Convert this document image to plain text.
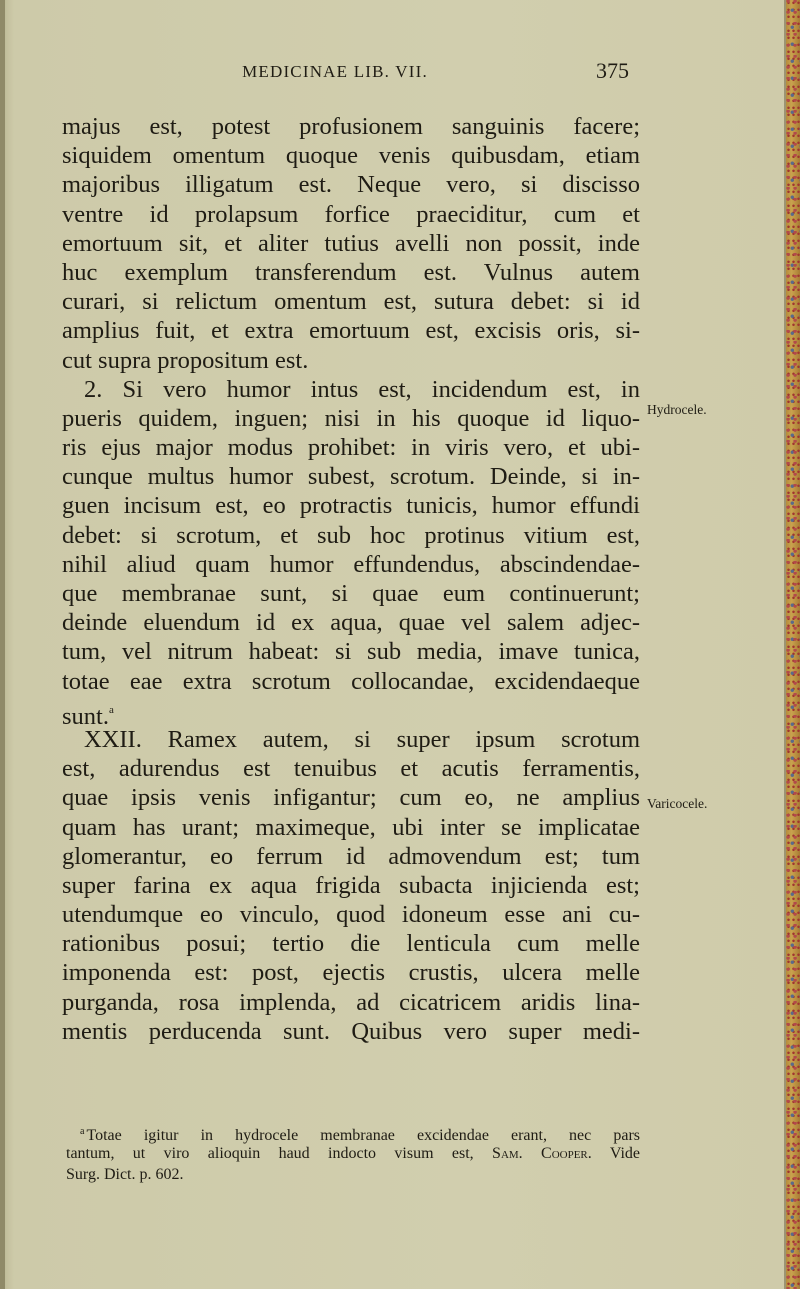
MEDICINAE LIB. VII.	375
majus est, potest profusionem sanguinis facere;
siquidem omentum quoque venis quibusdam, etiam
majoribus illigatum est. Neque vero, si discisso
ventre id prolapsum forfice praeciditur, cum et
emortuum sit, et aliter tutius avelli non possit, inde
huc exemplum transferendum est. Vulnus autem
curari, si relictum omentum est, sutura debet: si id
amplius fuit, et extra emortuum est, excisis oris, si-
cut supra propositum est.
2. Si vero humor intus est, incidendum est, in
pueris quidem, inguen; nisi in his quoque id liquo-
ris ejus major modus prohibet: in viris vero, et ubi-
cunque multus humor subest, scrotum. Deinde, si in-
guen incisum est, eo protractis tunicis, humor effundi
debet: si scrotum, et sub hoc protinus vitium est,
nihil aliud quam humor effundendus, abscindendae-
que membranae sunt, si quae eum continuerunt;
deinde eluendum id ex aqua, quae vel salem adjec-
tum, vel nitrum habeat: si sub media, imave tunica,
totae eae extra scrotum collocandae, excidendaeque
sunt.$^a$
XXII. Ramex autem, si super ipsum scrotum
est, adurendus est tenuibus et acutis ferramentis,
quae ipsis venis infigantur; cum eo, ne amplius
quam has urant; maximeque, ubi inter se implicatae
glomerantur, eo ferrum id admovendum est; tum
super farina ex aqua frigida subacta injicienda est;
utendumque eo vinculo, quod idoneum esse ani cu-
rationibus posui; tertio die lenticula cum melle
imponenda est: post, ejectis crustis, ulcera melle
purganda, rosa implenda, ad cicatricem aridis lina-
mentis perducenda sunt. Quibus vero super medi-
Hydrocele.
Varicocele.
$^a$ Totae igitur in hydrocele membranae excidendae erant, nec pars
tantum, ut viro alioquin haud indocto visum est, Sam. Cooper. Vide
Surg. Dict. p. 602.
